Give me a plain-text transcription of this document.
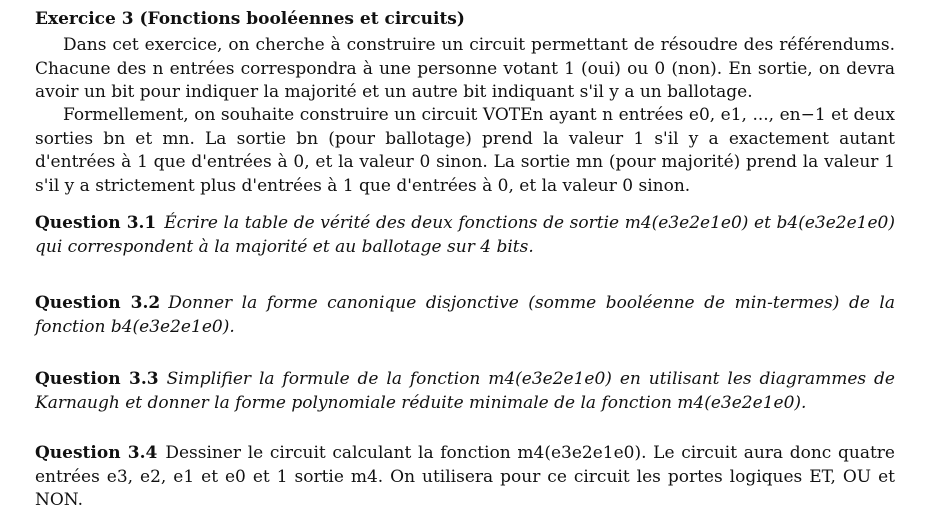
Exercice 3 (Fonctions booléennes et circuits)
Dans cet exercice, on cherche à construire un circuit permettant de résoudre des référendums. Chacune des n entrées correspondra à une personne votant 1 (oui) ou 0 (non). En sortie, on devra avoir un bit pour indiquer la majorité et un autre bit indiquant s'il y a un ballotage.
Formellement, on souhaite construire un circuit VOTEn ayant n entrées e0, e1, ..., en−1 et deux sorties bn et mn. La sortie bn (pour ballotage) prend la valeur 1 s'il y a exactement autant d'entrées à 1 que d'entrées à 0, et la valeur 0 sinon. La sortie mn (pour majorité) prend la valeur 1 s'il y a strictement plus d'entrées à 1 que d'entrées à 0, et la valeur 0 sinon.
Question 3.1 Écrire la table de vérité des deux fonctions de sortie m4(e3e2e1e0) et b4(e3e2e1e0) qui correspondent à la majorité et au ballotage sur 4 bits.
Question 3.2 Donner la forme canonique disjonctive (somme booléenne de min-termes) de la fonction b4(e3e2e1e0).
Question 3.3 Simplifier la formule de la fonction m4(e3e2e1e0) en utilisant les diagrammes de Karnaugh et donner la forme polynomiale réduite minimale de la fonction m4(e3e2e1e0).
Question 3.4 Dessiner le circuit calculant la fonction m4(e3e2e1e0). Le circuit aura donc quatre entrées e3, e2, e1 et e0 et 1 sortie m4. On utilisera pour ce circuit les portes logiques ET, OU et NON.
